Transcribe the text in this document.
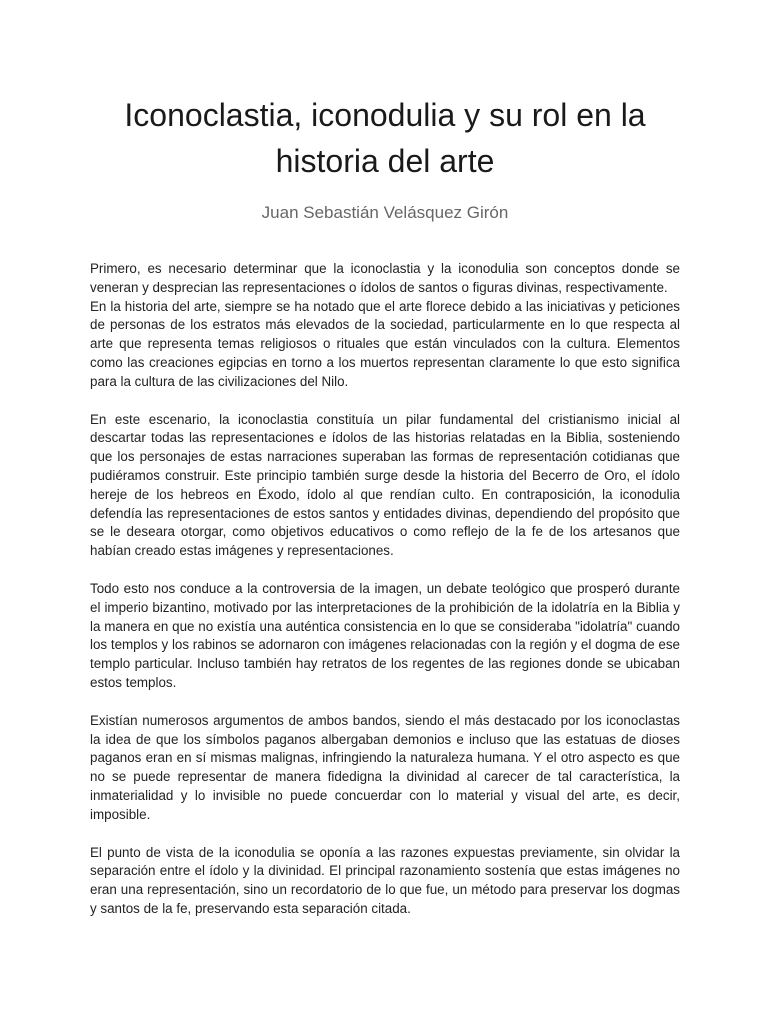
Iconoclastia, iconodulia y su rol en la historia del arte
Juan Sebastián Velásquez Girón

Primero, es necesario determinar que la iconoclastia y la iconodulia son conceptos donde se veneran y desprecian las representaciones o ídolos de santos o figuras divinas, respectivamente.
En la historia del arte, siempre se ha notado que el arte florece debido a las iniciativas y peticiones de personas de los estratos más elevados de la sociedad, particularmente en lo que respecta al arte que representa temas religiosos o rituales que están vinculados con la cultura. Elementos como las creaciones egipcias en torno a los muertos representan claramente lo que esto significa para la cultura de las civilizaciones del Nilo.

En este escenario, la iconoclastia constituía un pilar fundamental del cristianismo inicial al descartar todas las representaciones e ídolos de las historias relatadas en la Biblia, sosteniendo que los personajes de estas narraciones superaban las formas de representación cotidianas que pudiéramos construir. Este principio también surge desde la historia del Becerro de Oro, el ídolo hereje de los hebreos en Éxodo, ídolo al que rendían culto. En contraposición, la iconodulia defendía las representaciones de estos santos y entidades divinas, dependiendo del propósito que se le deseara otorgar, como objetivos educativos o como reflejo de la fe de los artesanos que habían creado estas imágenes y representaciones.

Todo esto nos conduce a la controversia de la imagen, un debate teológico que prosperó durante el imperio bizantino, motivado por las interpretaciones de la prohibición de la idolatría en la Biblia y la manera en que no existía una auténtica consistencia en lo que se consideraba "idolatría" cuando los templos y los rabinos se adornaron con imágenes relacionadas con la región y el dogma de ese templo particular. Incluso también hay retratos de los regentes de las regiones donde se ubicaban estos templos.

Existían numerosos argumentos de ambos bandos, siendo el más destacado por los iconoclastas la idea de que los símbolos paganos albergaban demonios e incluso que las estatuas de dioses paganos eran en sí mismas malignas, infringiendo la naturaleza humana. Y el otro aspecto es que no se puede representar de manera fidedigna la divinidad al carecer de tal característica, la inmaterialidad y lo invisible no puede concuerdar con lo material y visual del arte, es decir, imposible.

El punto de vista de la iconodulia se oponía a las razones expuestas previamente, sin olvidar la separación entre el ídolo y la divinidad. El principal razonamiento sostenía que estas imágenes no eran una representación, sino un recordatorio de lo que fue, un método para preservar los dogmas y santos de la fe, preservando esta separación citada.
